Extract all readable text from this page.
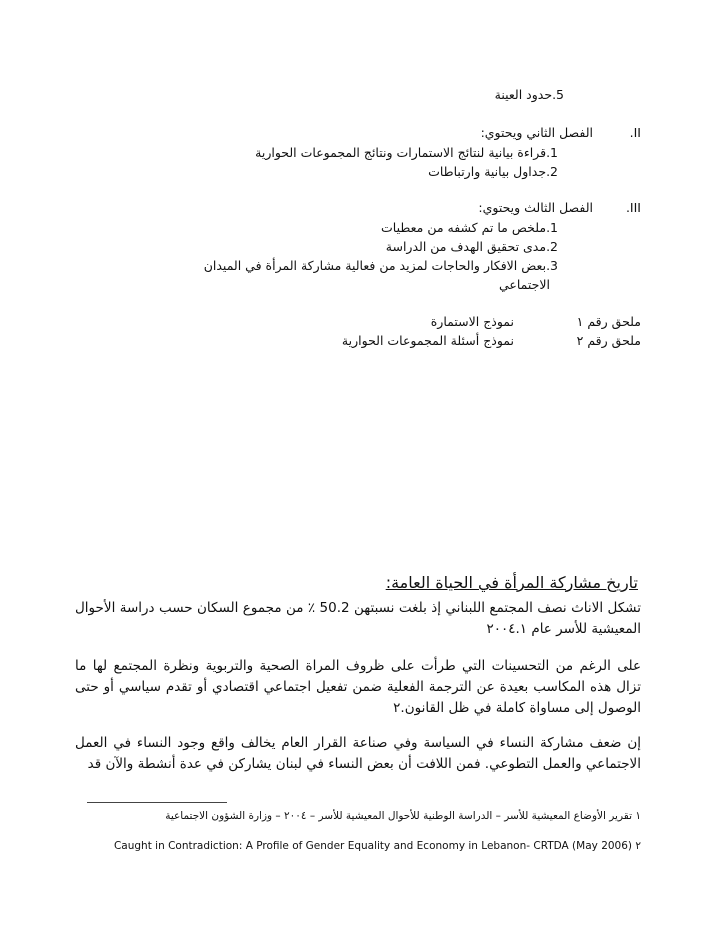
5.حدود العينة
.II
الفصل الثاني ويحتوي:
1.قراءة بيانية لنتائج الاستمارات ونتائج المجموعات الحوارية
2.جداول بيانية وارتباطات
.III
الفصل الثالث ويحتوي:
1.ملخص ما تم كشفه من معطيات
2.مدى تحقيق الهدف من الدراسة
3.بعض الافكار والحاجات لمزيد من فعالية مشاركة المرأة في الميدان
الاجتماعي
ملحق رقم ١
نموذج الاستمارة
ملحق رقم ٢
نموذج أسئلة المجموعات الحوارية
تاريخ مشاركة المرأة في الحياة العامة:

تشكل الاناث نصف المجتمع اللبناني إذ بلغت نسبتهن 50.2 ٪ من مجموع السكان حسب دراسة الأحوال المعيشية للأسر عام ٢٠٠٤.١

على الرغم من التحسينات التي طرأت على ظروف المراة الصحية والتربوية ونظرة المجتمع لها ما تزال هذه المكاسب بعيدة عن الترجمة الفعلية ضمن تفعيل اجتماعي اقتصادي أو تقدم سياسي أو حتى الوصول إلى مساواة كاملة في ظل القانون.٢

إن ضعف مشاركة النساء في السياسة وفي صناعة القرار العام يخالف واقع وجود النساء في العمل الاجتماعي والعمل التطوعي. فمن اللافت أن بعض النساء في لبنان يشاركن في عدة أنشطة والآن قد

١ تقرير الأوضاع المعيشية للأسر – الدراسة الوطنية للأحوال المعيشية للأسر – ٢٠٠٤ – وزارة الشؤون الاجتماعية
٢ (Caught in Contradiction: A Profile of Gender Equality and Economy in Lebanon- CRTDA (May 2006
